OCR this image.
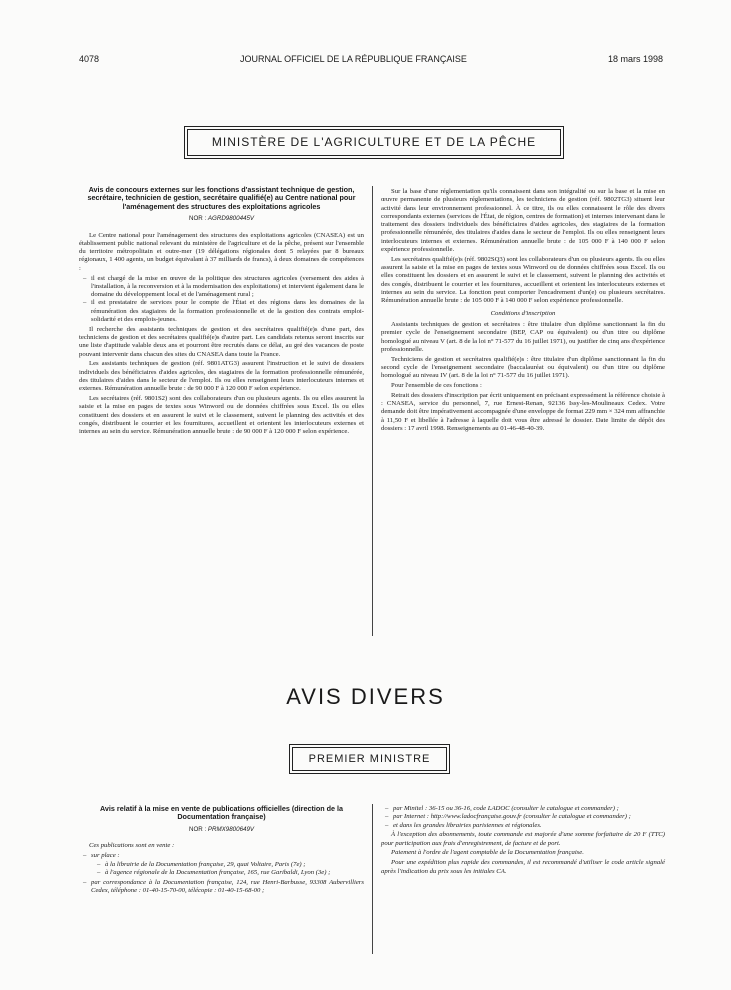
4078	JOURNAL OFFICIEL DE LA RÉPUBLIQUE FRANÇAISE	18 mars 1998
MINISTÈRE DE L'AGRICULTURE ET DE LA PÊCHE
Avis de concours externes sur les fonctions d'assistant technique de gestion, secrétaire, technicien de gestion, secrétaire qualifié(e) au Centre national pour l'aménagement des structures des exploitations agricoles
NOR : AGRD9800445V

Le Centre national pour l'aménagement des structures des exploitations agricoles (CNASEA) est un établissement public national relevant du ministère de l'agriculture et de la pêche, présent sur l'ensemble du territoire métropolitain et outre-mer (19 délégations régionales dont 5 relayées par 8 bureaux régionaux, 1 400 agents, un budget équivalant à 37 milliards de francs), à deux domaines de compétences :

– il est chargé de la mise en œuvre de la politique des structures agricoles (versement des aides à l'installation, à la reconversion et à la modernisation des exploitations) et intervient également dans le domaine du développement local et de l'aménagement rural ;
– il est prestataire de services pour le compte de l'État et des régions dans les domaines de la rémunération des stagiaires de la formation professionnelle et de la gestion des contrats emploi-solidarité et des emplois-jeunes.

Il recherche des assistants techniques de gestion et des secrétaires qualifié(e)s d'une part, des techniciens de gestion et des secrétaires qualifié(e)s d'autre part. Les candidats retenus seront inscrits sur une liste d'aptitude valable deux ans et pourront être recrutés dans ce délai, au gré des vacances de poste pouvant intervenir dans chacun des sites du CNASEA dans toute la France.

Les assistants techniques de gestion (réf. 9801ATG3) assurent l'instruction et le suivi de dossiers individuels des bénéficiaires d'aides agricoles, des stagiaires de la formation professionnelle rémunérée, des titulaires d'aides dans le secteur de l'emploi. Ils ou elles renseignent leurs interlocuteurs internes et externes. Rémunération annuelle brute : de 90 000 F à 120 000 F selon expérience.

Les secrétaires (réf. 9801S2) sont des collaborateurs d'un ou plusieurs agents. Ils ou elles assurent la saisie et la mise en pages de textes sous Winword ou de données chiffrées sous Excel. Ils ou elles constituent des dossiers et en assurent le suivi et le classement, suivent le planning des activités et des congés, distribuent le courrier et les fournitures, accueillent et orientent les interlocuteurs externes et internes au sein du service. Rémunération annuelle brute : de 90 000 F à 120 000 F selon expérience.

Sur la base d'une réglementation qu'ils connaissent dans son intégralité ou sur la base et la mise en œuvre permanente de plusieurs réglementations, les techniciens de gestion (réf. 9802TG3) situent leur activité dans leur environnement professionnel. À ce titre, ils ou elles connaissent le rôle des divers correspondants externes (services de l'État, de région, centres de formation) et internes intervenant dans le traitement des dossiers individuels des bénéficiaires d'aides agricoles, des stagiaires de la formation professionnelle rémunérée, des titulaires d'aides dans le secteur de l'emploi. Ils ou elles renseignent leurs interlocuteurs internes et externes. Rémunération annuelle brute : de 105 000 F à 140 000 F selon expérience professionnelle.

Les secrétaires qualifié(e)s (réf. 9802SQ3) sont les collaborateurs d'un ou plusieurs agents. Ils ou elles assurent la saisie et la mise en pages de textes sous Winword ou de données chiffrées sous Excel. Ils ou elles constituent les dossiers et en assurent le suivi et le classement, suivent le planning des activités et des congés, distribuent le courrier et les fournitures, accueillent et orientent les interlocuteurs externes et internes au sein du service. La fonction peut comporter l'encadrement d'un(e) ou plusieurs secrétaires. Rémunération annuelle brute : de 105 000 F à 140 000 F selon expérience professionnelle.

Conditions d'inscription

Assistants techniques de gestion et secrétaires : être titulaire d'un diplôme sanctionnant la fin du premier cycle de l'enseignement secondaire (BEP, CAP ou équivalent) ou d'un titre ou diplôme homologué au niveau V (art. 8 de la loi n° 71-577 du 16 juillet 1971), ou justifier de cinq ans d'expérience professionnelle.

Techniciens de gestion et secrétaires qualifié(e)s : être titulaire d'un diplôme sanctionnant la fin du second cycle de l'enseignement secondaire (baccalauréat ou équivalent) ou d'un titre ou diplôme homologué au niveau IV (art. 8 de la loi n° 71-577 du 16 juillet 1971).

Pour l'ensemble de ces fonctions :

Retrait des dossiers d'inscription par écrit uniquement en précisant expressément la référence choisie à : CNASEA, service du personnel, 7, rue Ernest-Renan, 92136 Issy-les-Moulineaux Cedex. Votre demande doit être impérativement accompagnée d'une enveloppe de format 229 mm × 324 mm affranchie à 11,50 F et libellée à l'adresse à laquelle doit vous être adressé le dossier. Date limite de dépôt des dossiers : 17 avril 1998. Renseignements au 01-46-48-40-39.

AVIS DIVERS
PREMIER MINISTRE
Avis relatif à la mise en vente de publications officielles (direction de la Documentation française)
NOR : PRMX9800649V

Ces publications sont en vente :

– sur place :
– à la librairie de la Documentation française, 29, quai Voltaire, Paris (7e) ;
– à l'agence régionale de la Documentation française, 165, rue Garibaldi, Lyon (3e) ;
– par correspondance à la Documentation française, 124, rue Henri-Barbusse, 93308 Aubervilliers Cedex, téléphone : 01-40-15-70-00, télécopie : 01-40-15-68-00 ;
– par Minitel : 36-15 ou 36-16, code LADOC (consulter le catalogue et commander) ;
– par Internet : http://www.ladocfrançaise.gouv.fr (consulter le catalogue et commander) ;
– et dans les grandes librairies parisiennes et régionales.

À l'exception des abonnements, toute commande est majorée d'une somme forfaitaire de 20 F (TTC) pour participation aux frais d'enregistrement, de facture et de port.

Paiement à l'ordre de l'agent comptable de la Documentation française.

Pour une expédition plus rapide des commandes, il est recommandé d'utiliser le code article signalé après l'indication du prix sous les initiales CA.
